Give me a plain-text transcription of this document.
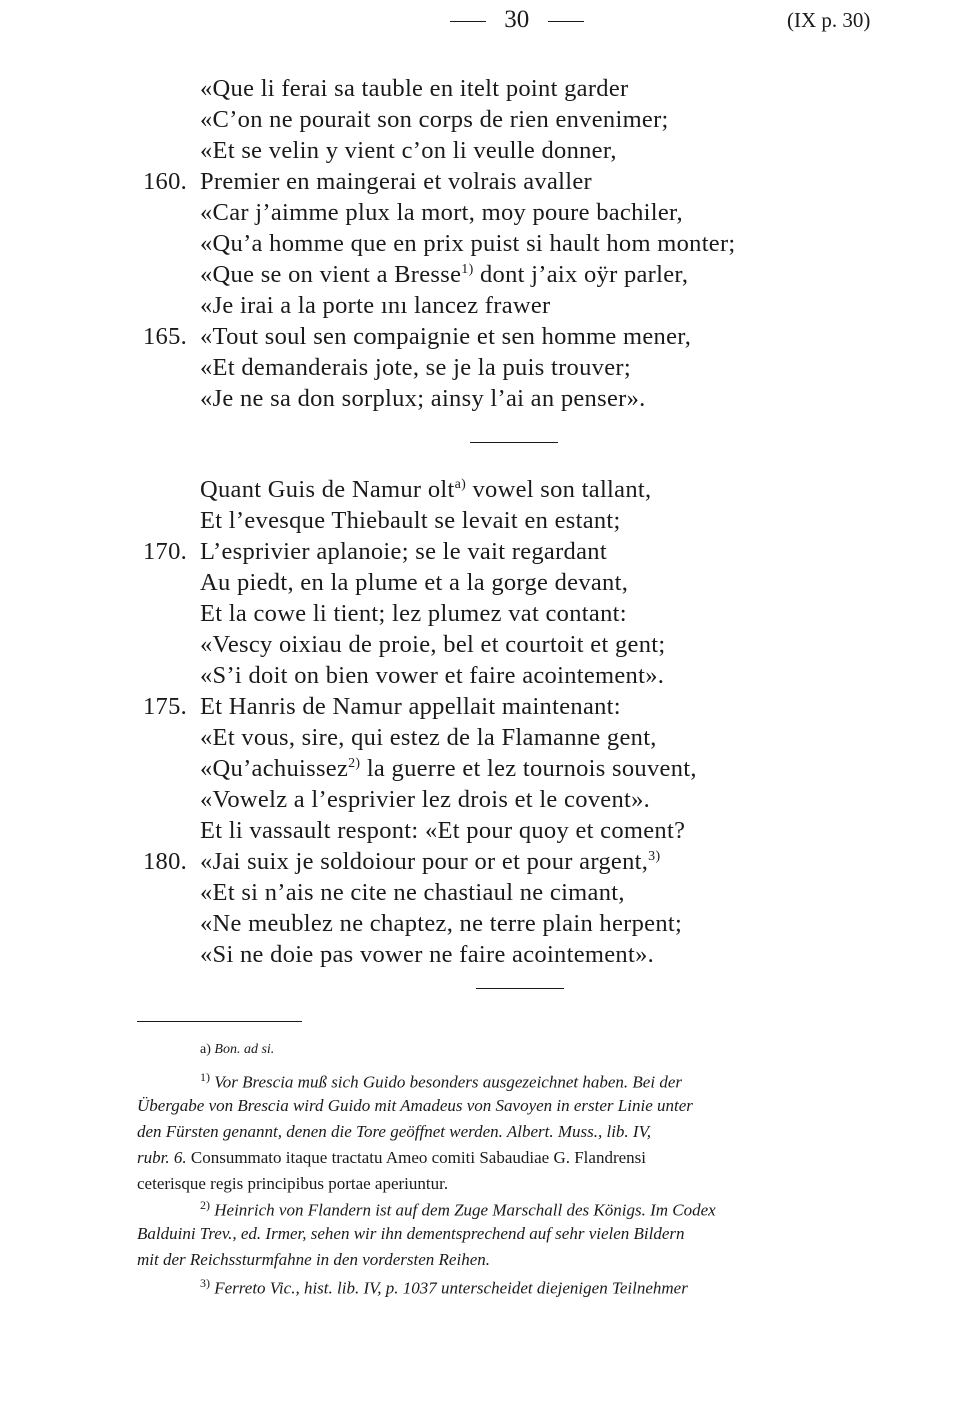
30	(IX p. 30)
«Que li ferai sa tauble en itelt point garder
«C’on ne pourait son corps de rien envenimer;
«Et se velin y vient c’on li veulle donner,
160. Premier en maingerai et volrais avaller
«Car j’aimme plux la mort, moy poure bachiler,
«Qu’a homme que en prix puist si hault hom monter;
«Que se on vient a Bresse$^{1)}$ dont j’aix oÿr parler,
«Je irai a la porte ını lancez frawer
165. «Tout soul sen compaignie et sen homme mener,
«Et demanderais jote, se je la puis trouver;
«Je ne sa don sorplux; ainsy l’ai an penser».
Quant Guis de Namur olt$^{a)}$ vowel son tallant,
Et l’evesque Thiebault se levait en estant;
170. L’esprivier aplanoie; se le vait regardant
Au piedt, en la plume et a la gorge devant,
Et la cowe li tient; lez plumez vat contant:
«Vescy oixiau de proie, bel et courtoit et gent;
«S’i doit on bien vower et faire acointement».
175. Et Hanris de Namur appellait maintenant:
«Et vous, sire, qui estez de la Flamanne gent,
«Qu’achuissez$^{2)}$ la guerre et lez tournois souvent,
«Vowelz a l’esprivier lez drois et le covent».
Et li vassault respont: «Et pour quoy et coment?
180. «Jai suix je soldoiour pour or et pour argent,$^{3)}$
«Et si n’ais ne cite ne chastiaul ne cimant,
«Ne meublez ne chaptez, ne terre plain herpent;
«Si ne doie pas vower ne faire acointement».
a) Bon. ad si.
$^{1)}$ Vor Brescia muß sich Guido besonders ausgezeichnet haben. Bei der
Übergabe von Brescia wird Guido mit Amadeus von Savoyen in erster Linie unter
den Fürsten genannt, denen die Tore geöffnet werden. Albert. Muss., lib. IV,
rubr. 6. Consummato itaque tractatu Ameo comiti Sabaudiae G. Flandrensi
ceterisque regis principibus portae aperiuntur.
$^{2)}$ Heinrich von Flandern ist auf dem Zuge Marschall des Königs. Im Codex
Balduini Trev., ed. Irmer, sehen wir ihn dementsprechend auf sehr vielen Bildern
mit der Reichssturmfahne in den vordersten Reihen.
$^{3)}$ Ferreto Vic., hist. lib. IV, p. 1037 unterscheidet diejenigen Teilnehmer
